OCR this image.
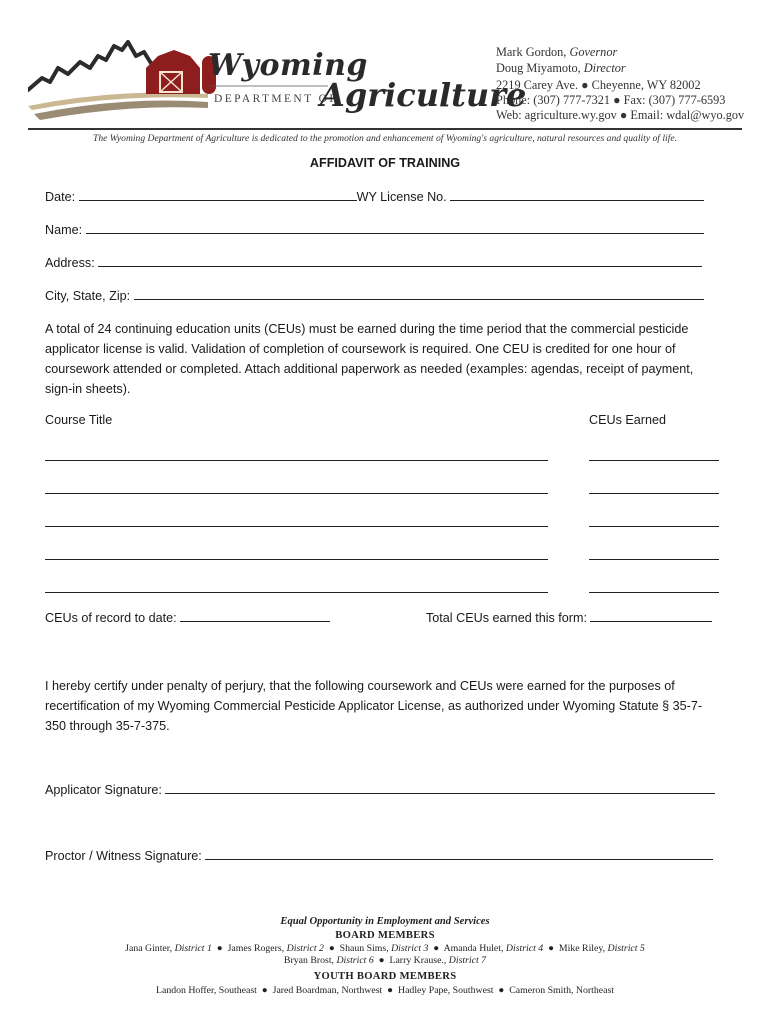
Wyoming
DEPARTMENT OF
Agriculture
Mark Gordon, Governor
Doug Miyamoto, Director
2219 Carey Ave. ● Cheyenne, WY 82002
Phone: (307) 777-7321 ● Fax: (307) 777-6593
Web: agriculture.wy.gov ● Email: wdal@wyo.gov
The Wyoming Department of Agriculture is dedicated to the promotion and enhancement of Wyoming's agriculture, natural resources and quality of life.
AFFIDAVIT OF TRAINING
Date:	WY License No.
Name:
Address:
City, State, Zip:
A total of 24 continuing education units (CEUs) must be earned during the time period that the commercial pesticide applicator license is valid. Validation of completion of coursework is required. One CEU is credited for one hour of coursework attended or completed. Attach additional paperwork as needed (examples: agendas, receipt of payment, sign-in sheets).
Course Title	CEUs Earned
CEUs of record to date:	Total CEUs earned this form:
I hereby certify under penalty of perjury, that the following coursework and CEUs were earned for the purposes of recertification of my Wyoming Commercial Pesticide Applicator License, as authorized under Wyoming Statute § 35-7-350 through 35-7-375.
Applicator Signature:
Proctor / Witness Signature:
Equal Opportunity in Employment and Services
BOARD MEMBERS
Jana Ginter, District 1  ●  James Rogers, District 2  ●  Shaun Sims, District 3  ●  Amanda Hulet, District 4  ●  Mike Riley, District 5
Bryan Brost, District 6  ●  Larry Krause., District 7
YOUTH BOARD MEMBERS
Landon Hoffer, Southeast  ●  Jared Boardman, Northwest  ●  Hadley Pape, Southwest  ●  Cameron Smith, Northeast
